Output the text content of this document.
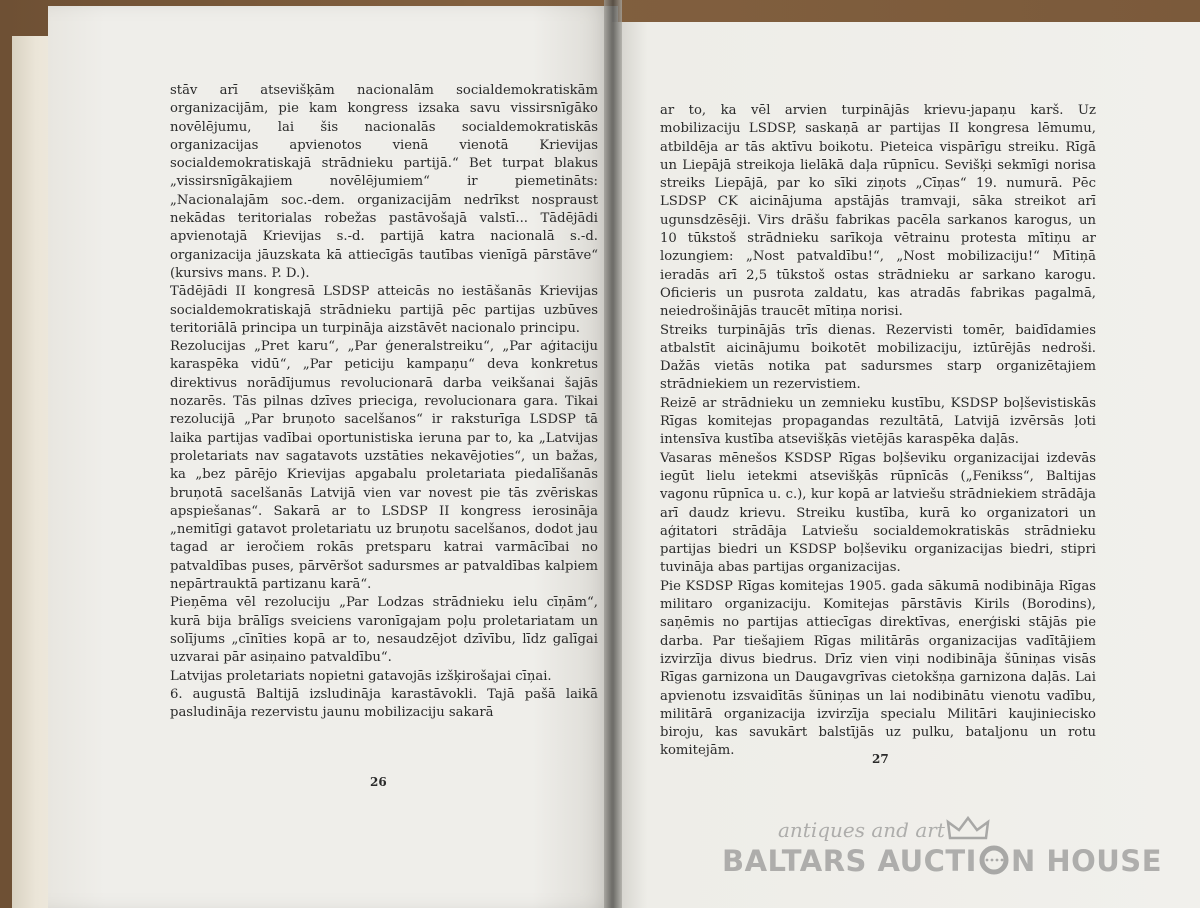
stāv arī atsevišķām nacionalām socialdemokratiskām organizacijām, pie kam kongress izsaka savu vissirsnīgāko novēlējumu, lai šis nacionalās socialdemokratiskās organizacijas apvienotos vienā vienotā Krievijas socialdemokratiskajā strādnieku partijā.“ Bet turpat blakus „vissirsnīgākajiem novēlējumiem“ ir piemetināts: „Nacionalajām soc.-dem. organizacijām nedrīkst nospraust nekādas teritorialas robežas pastāvošajā valstī... Tādējādi apvienotajā Krievijas s.-d. partijā katra nacionalā s.-d. organizacija jāuzskata kā attiecīgās tautības vienīgā pārstāve“ (kursivs mans. P. D.).

Tādējādi II kongresā LSDSP atteicās no iestāšanās Krievijas socialdemokratiskajā strādnieku partijā pēc partijas uzbūves teritoriālā principa un turpināja aizstāvēt nacionalo principu.

Rezolucijas „Pret karu“, „Par ģeneralstreiku“, „Par aģitaciju karaspēka vidū“, „Par peticiju kampaņu“ deva konkretus direktivus norādījumus revolucionarā darba veikšanai šajās nozarēs. Tās pilnas dzīves prieciga, revolucionara gara. Tikai rezolucijā „Par bruņoto sacelšanos“ ir raksturīga LSDSP tā laika partijas vadībai oportunistiska ieruna par to, ka „Latvijas proletariats nav sagatavots uzstāties nekavējoties“, un bažas, ka „bez pārējo Krievijas apgabalu proletariata piedalīšanās bruņotā sacelšanās Latvijā vien var novest pie tās zvēriskas apspiešanas“. Sakarā ar to LSDSP II kongress ierosināja „nemitīgi gatavot proletariatu uz bruņotu sacelšanos, dodot jau tagad ar ieročiem rokās pretsparu katrai varmācībai no patvaldības puses, pārvēršot sadursmes ar patvaldības kalpiem nepārtrauktā partizanu karā“.

Pieņēma vēl rezoluciju „Par Lodzas strādnieku ielu cīņām“, kurā bija brālīgs sveiciens varonīgajam poļu proletariatam un solījums „cīnīties kopā ar to, nesaudzējot dzīvību, līdz galīgai uzvarai pār asiņaino patvaldību“.

Latvijas proletariats nopietni gatavojās izšķirošajai cīņai.

6. augustā Baltijā izsludināja karastāvokli. Tajā pašā laikā pasludināja rezervistu jaunu mobilizaciju sakarā

26

ar to, ka vēl arvien turpinājās krievu-japaņu karš. Uz mobilizaciju LSDSP, saskaņā ar partijas II kongresa lēmumu, atbildēja ar tās aktīvu boikotu. Pieteica vispārīgu streiku. Rīgā un Liepājā streikoja lielākā daļa rūpnīcu. Sevišķi sekmīgi norisa streiks Liepājā, par ko sīki ziņots „Cīņas“ 19. numurā. Pēc LSDSP CK aicinājuma apstājās tramvaji, sāka streikot arī ugunsdzēsēji. Virs drāšu fabrikas pacēla sarkanos karogus, un 10 tūkstoš strādnieku sarīkoja vētrainu protesta mītiņu ar lozungiem: „Nost patvaldību!“, „Nost mobilizaciju!“ Mītiņā ieradās arī 2,5 tūkstoš ostas strādnieku ar sarkano karogu. Oficieris un pusrota zaldatu, kas atradās fabrikas pagalmā, neiedrošinājās traucēt mītiņa norisi.

Streiks turpinājās trīs dienas. Rezervisti tomēr, baidīdamies atbalstīt aicinājumu boikotēt mobilizaciju, iztūrējās nedroši. Dažās vietās notika pat sadursmes starp organizētajiem strādniekiem un rezervistiem.

Reizē ar strādnieku un zemnieku kustību, KSDSP boļševistiskās Rīgas komitejas propagandas rezultātā, Latvijā izvērsās ļoti intensīva kustība atsevišķās vietējās karaspēka daļās.

Vasaras mēnešos KSDSP Rīgas boļševiku organizacijai izdevās iegūt lielu ietekmi atsevišķās rūpnīcās („Fenikss“, Baltijas vagonu rūpnīca u. c.), kur kopā ar latviešu strādniekiem strādāja arī daudz krievu. Streiku kustība, kurā ko organizatori un aģitatori strādāja Latviešu socialdemokratiskās strādnieku partijas biedri un KSDSP boļševiku organizacijas biedri, stipri tuvināja abas partijas organizacijas.

Pie KSDSP Rīgas komitejas 1905. gada sākumā nodibināja Rīgas militaro organizaciju. Komitejas pārstāvis Kirils (Borodins), saņēmis no partijas attiecīgas direktīvas, enerģiski stājās pie darba. Par tiešajiem Rīgas militārās organizacijas vadītājiem izvirzīja divus biedrus. Drīz vien viņi nodibināja šūniņas visās Rīgas garnizona un Daugavgrīvas cietokšņa garnizona daļās. Lai apvienotu izsvaidītās šūniņas un lai nodibinātu vienotu vadību, militārā organizacija izvirzīja specialu Militāri kaujiniecisko biroju, kas savukārt balstījās uz pulku, bataljonu un rotu komitejām.

27
antiques and art
BALTARS AUCTI N HOUSE
